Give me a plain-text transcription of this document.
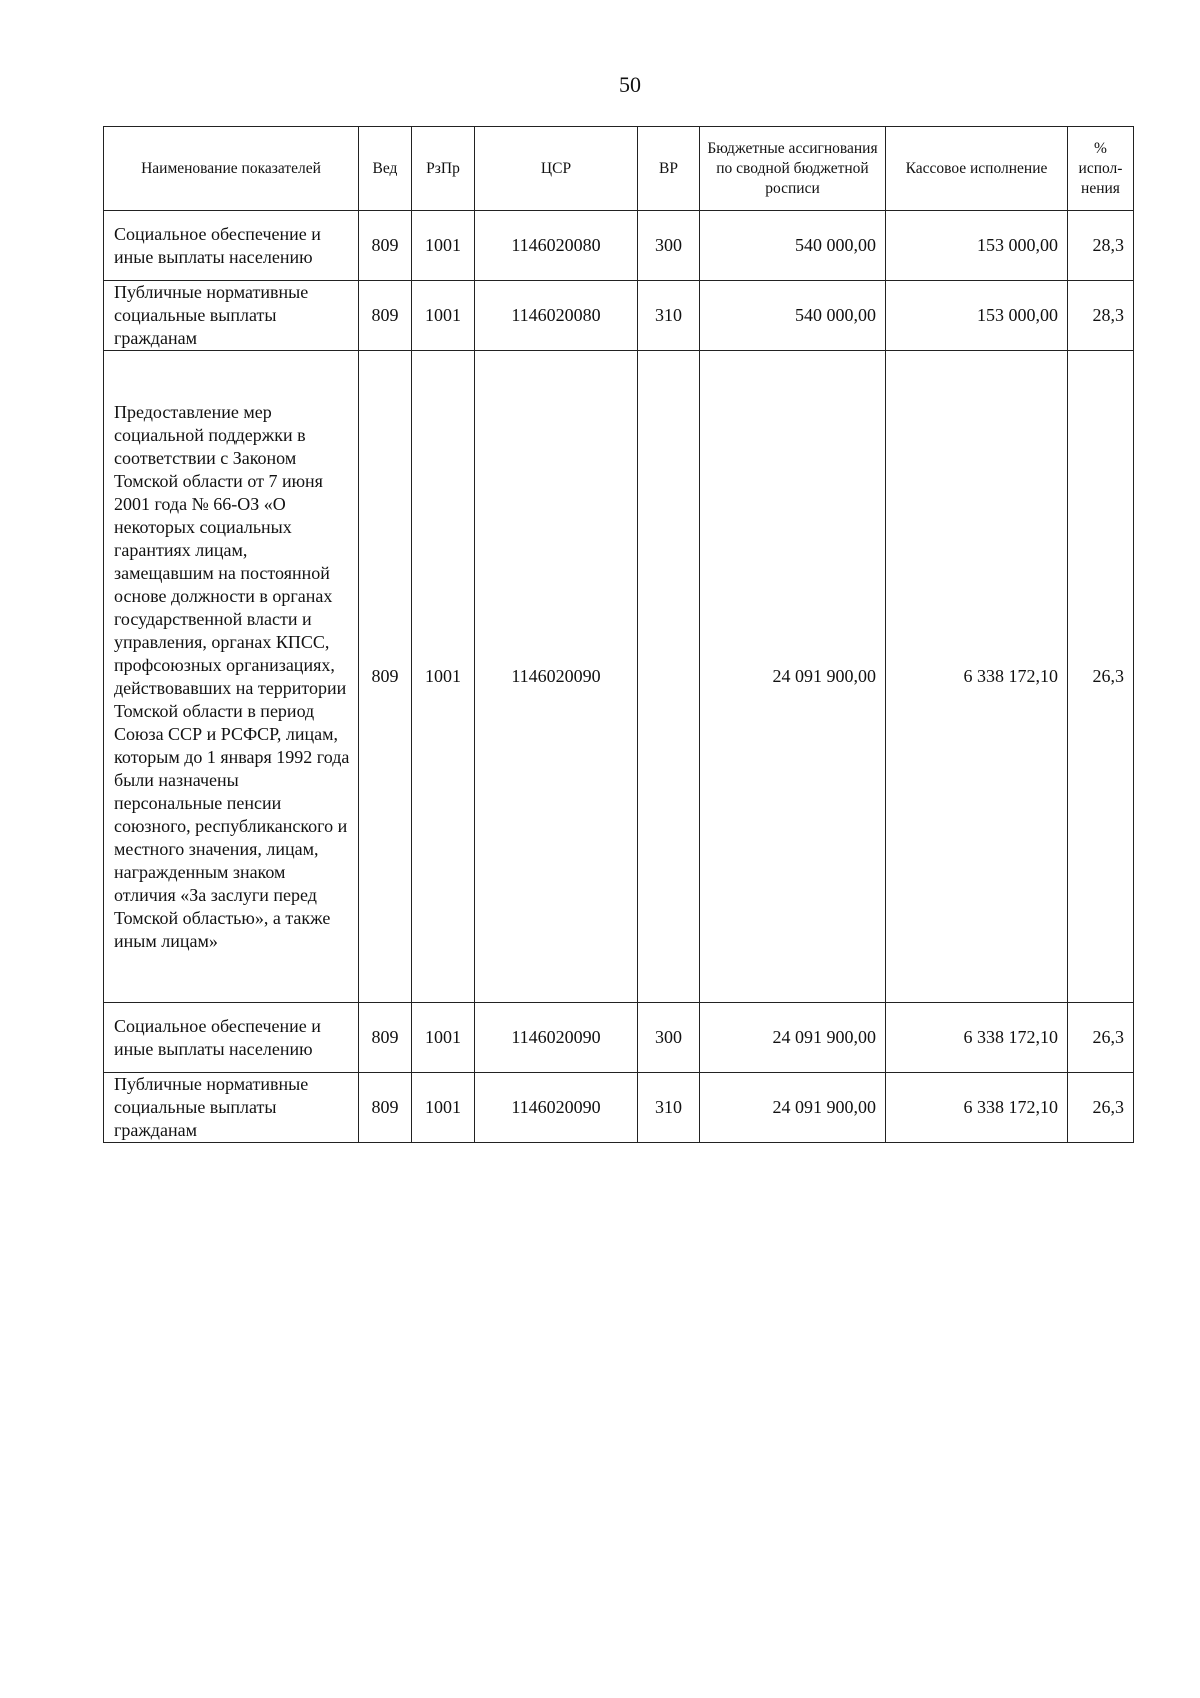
50
Наименование показателей	Вед	РзПр	ЦСР	ВР	Бюджетные ассигнования по сводной бюджетной росписи	Кассовое исполнение	% испол-нения
Социальное обеспечение и иные выплаты населению	809	1001	1146020080	300	540 000,00	153 000,00	28,3
Публичные нормативные социальные выплаты гражданам	809	1001	1146020080	310	540 000,00	153 000,00	28,3
Предоставление мер социальной поддержки в соответствии с Законом Томской области от 7 июня 2001 года № 66-ОЗ «О некоторых социальных гарантиях лицам, замещавшим на постоянной основе должности в органах государственной власти и управления, органах КПСС, профсоюзных организациях, действовавших на территории Томской области в период Союза ССР и РСФСР, лицам, которым до 1 января 1992 года были назначены персональные пенсии союзного, республиканского и местного значения, лицам, награжденным знаком отличия «За заслуги перед Томской областью», а также иным лицам»	809	1001	1146020090		24 091 900,00	6 338 172,10	26,3
Социальное обеспечение и иные выплаты населению	809	1001	1146020090	300	24 091 900,00	6 338 172,10	26,3
Публичные нормативные социальные выплаты гражданам	809	1001	1146020090	310	24 091 900,00	6 338 172,10	26,3
